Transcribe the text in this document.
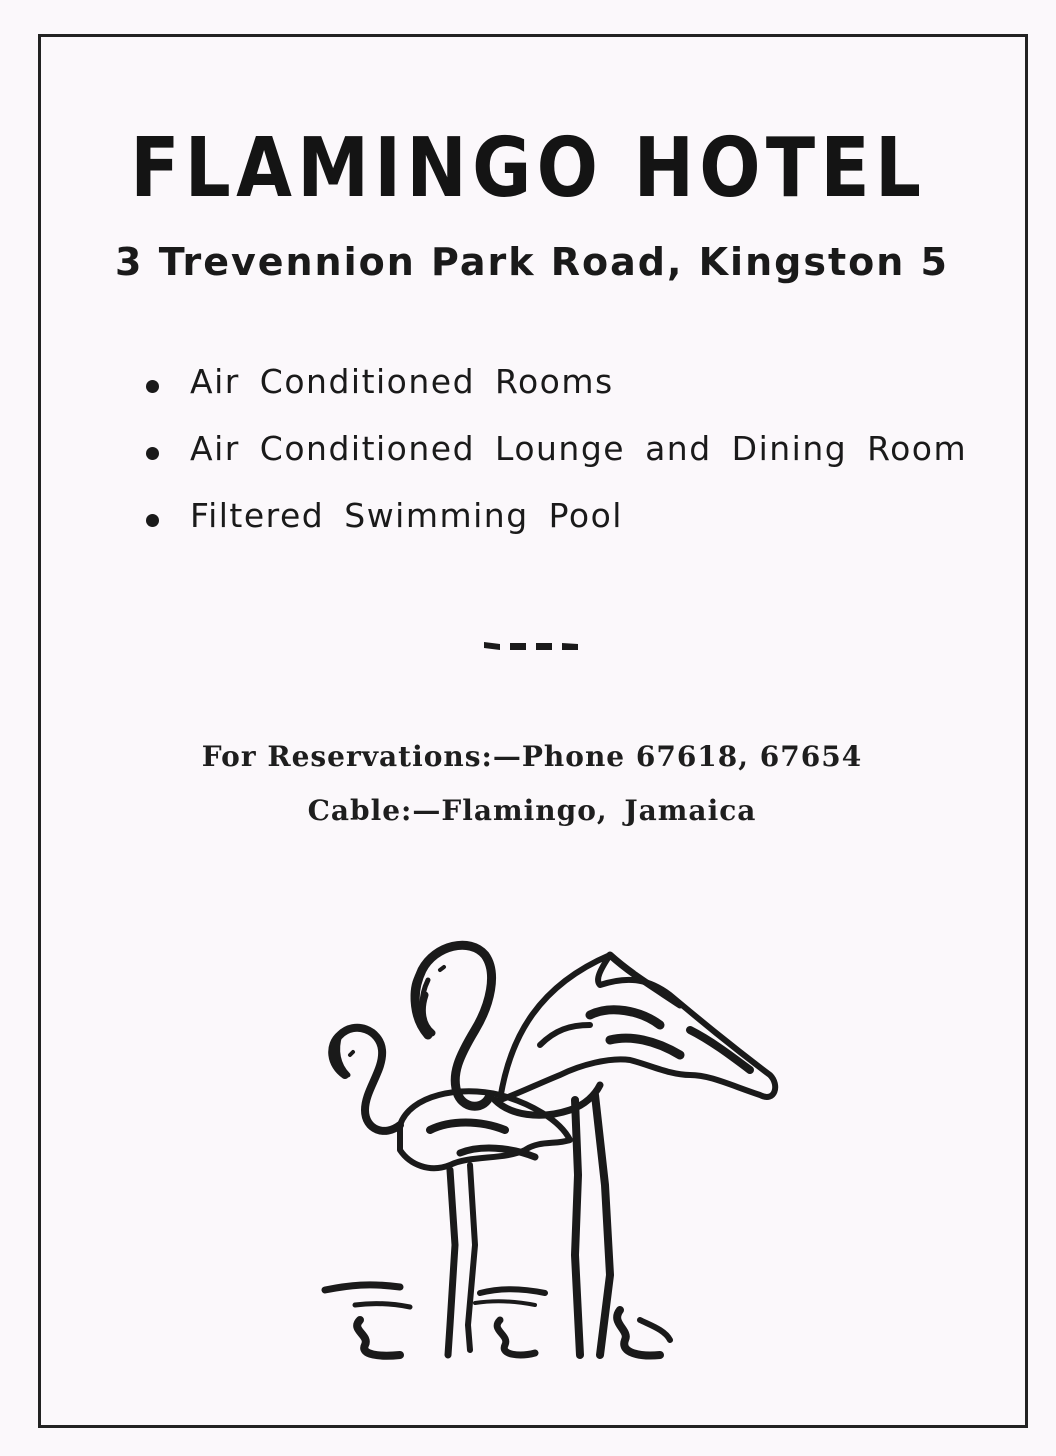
FLAMINGO HOTEL
3 Trevennion Park Road, Kingston 5
Air Conditioned Rooms
Air Conditioned Lounge and Dining Room
Filtered Swimming Pool
For Reservations:—Phone 67618, 67654
Cable:—Flamingo, Jamaica
